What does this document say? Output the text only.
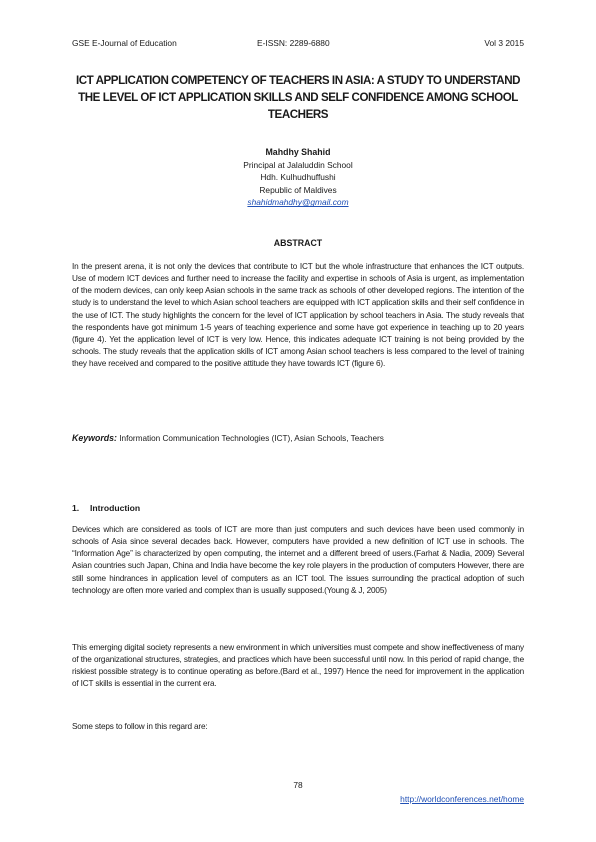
GSE E-Journal of Education	E-ISSN: 2289-6880	Vol 3 2015
ICT APPLICATION COMPETENCY OF TEACHERS IN ASIA: A STUDY TO UNDERSTAND THE LEVEL OF ICT APPLICATION SKILLS AND SELF CONFIDENCE AMONG SCHOOL TEACHERS
Mahdhy Shahid
Principal at Jalaluddin School
Hdh. Kulhudhuffushi
Republic of Maldives
shahidmahdhy@gmail.com
ABSTRACT

In the present arena, it is not only the devices that contribute to ICT but the whole infrastructure that enhances the ICT outputs. Use of modern ICT devices and further need to increase the facility and expertise in schools of Asia is urgent, as implementation of the modern devices, can only keep Asian schools in the same track as schools of other developed regions. The intention of the study is to understand the level to which Asian school teachers are equipped with ICT application skills and their self confidence in the use of ICT. The study highlights the concern for the level of ICT application by school teachers in Asia. The study reveals that the respondents have got minimum 1-5 years of teaching experience and some have got experience in teaching up to 20 years (figure 4). Yet the application level of ICT is very low. Hence, this indicates adequate ICT training is not being provided by the schools. The study reveals that the application skills of ICT among Asian school teachers is less compared to the level of training they have received and compared to the positive attitude they have towards ICT (figure 6).

Keywords: Information Communication Technologies (ICT), Asian Schools, Teachers

1. Introduction

Devices which are considered as tools of ICT are more than just computers and such devices have been used commonly in schools of Asia since several decades back. However, computers have provided a new definition of ICT use in schools. The “Information Age” is characterized by open computing, the internet and a different breed of users.(Farhat & Nadia, 2009) Several Asian countries such Japan, China and India have become the key role players in the production of computers However, there are still some hindrances in application level of computers as an ICT tool. The issues surrounding the practical adoption of such technology are often more varied and complex than is usually supposed.(Young & J, 2005)

This emerging digital society represents a new environment in which universities must compete and show ineffectiveness of many of the organizational structures, strategies, and practices which have been successful until now. In this period of rapid change, the riskiest possible strategy is to continue operating as before.(Bard et al., 1997) Hence the need for improvement in the application of ICT skills is essential in the current era.

Some steps to follow in this regard are:

78
http://worldconferences.net/home
